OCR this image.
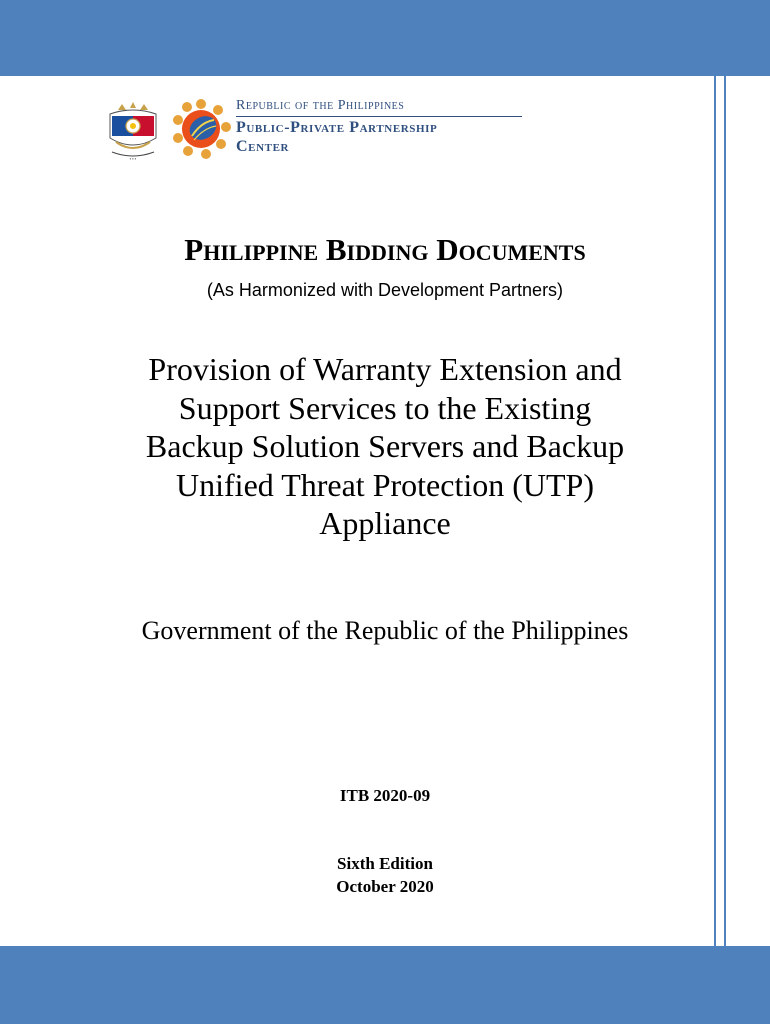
▪ ▪ ▪
Republic of the Philippines
Public-Private Partnership
Center
Philippine Bidding Documents
(As Harmonized with Development Partners)
Provision of Warranty Extension and
Support Services to the Existing
Backup Solution Servers and Backup
Unified Threat Protection (UTP)
Appliance
Government of the Republic of the Philippines
ITB 2020-09
Sixth Edition
October 2020
